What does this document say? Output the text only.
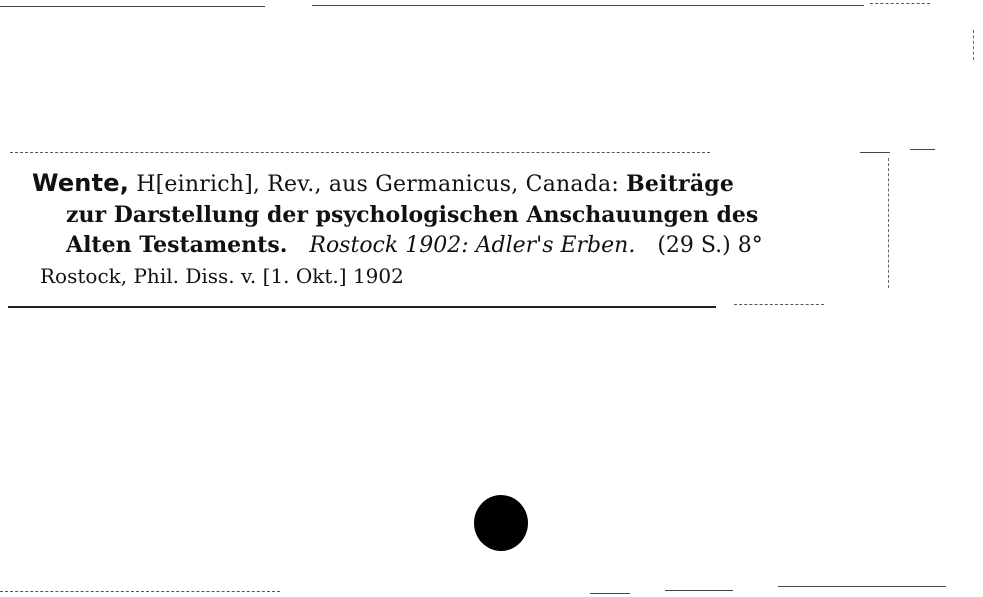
Wente, H[einrich], Rev., aus Germanicus, Canada: Beiträge
zur Darstellung der psychologischen Anschauungen des
Alten Testaments. Rostock 1902: Adler's Erben. (29 S.) 8°
Rostock, Phil. Diss. v. [1. Okt.] 1902
